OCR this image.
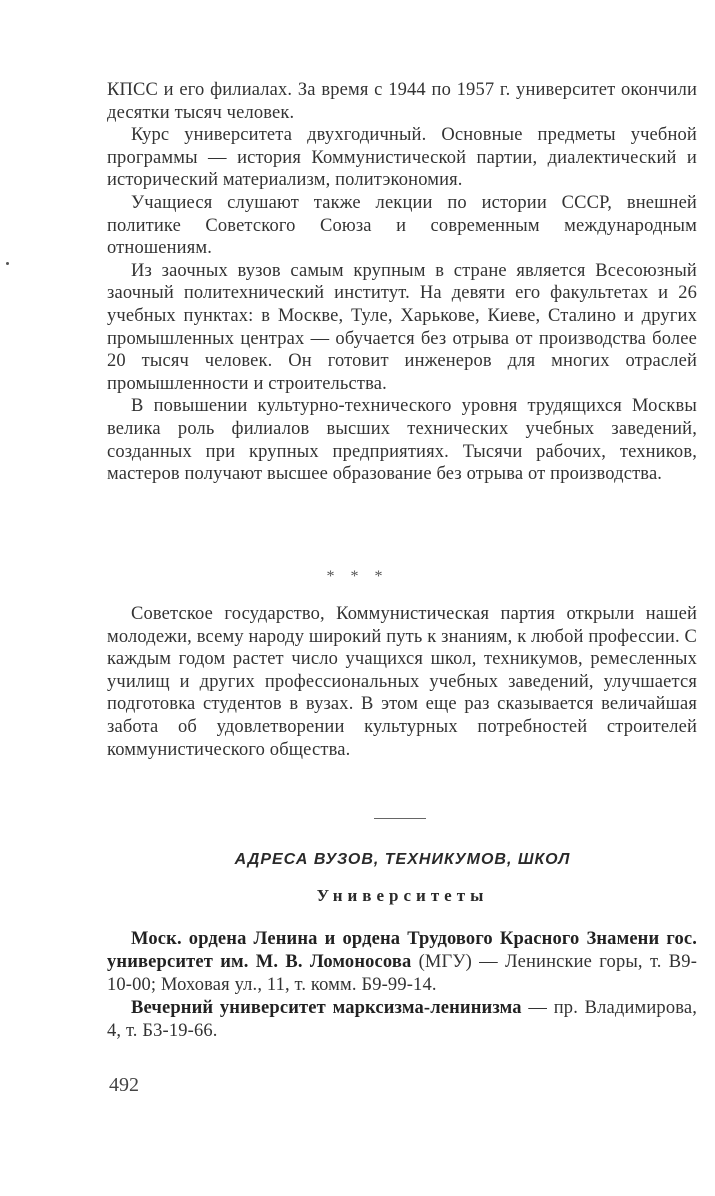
КПСС и его филиалах. За время с 1944 по 1957 г. университет окончили десятки тысяч человек.

Курс университета двухгодичный. Основные предметы учебной программы — история Коммунистической партии, диалектический и исторический материализм, политэкономия.

Учащиеся слушают также лекции по истории СССР, внешней политике Советского Союза и современным международным отношениям.

Из заочных вузов самым крупным в стране является Всесоюзный заочный политехнический институт. На девяти его факультетах и 26 учебных пунктах: в Москве, Туле, Харькове, Киеве, Сталино и других промышленных центрах — обучается без отрыва от производства более 20 тысяч человек. Он готовит инженеров для многих отраслей промышленности и строительства.

В повышении культурно-технического уровня трудящихся Москвы велика роль филиалов высших технических учебных заведений, созданных при крупных предприятиях. Тысячи рабочих, техников, мастеров получают высшее образование без отрыва от производства.

* * *

Советское государство, Коммунистическая партия открыли нашей молодежи, всему народу широкий путь к знаниям, к любой профессии. С каждым годом растет число учащихся школ, техникумов, ремесленных училищ и других профессиональных учебных заведений, улучшается подготовка студентов в вузах. В этом еще раз сказывается величайшая забота об удовлетворении культурных потребностей строителей коммунистического общества.

АДРЕСА ВУЗОВ, ТЕХНИКУМОВ, ШКОЛ
Университеты

Моск. ордена Ленина и ордена Трудового Красного Знамени гос. университет им. М. В. Ломоносова (МГУ) — Ленинские горы, т. В9-10-00; Моховая ул., 11, т. комм. Б9-99-14.

Вечерний университет марксизма-ленинизма — пр. Владимирова, 4, т. Б3-19-66.

492
